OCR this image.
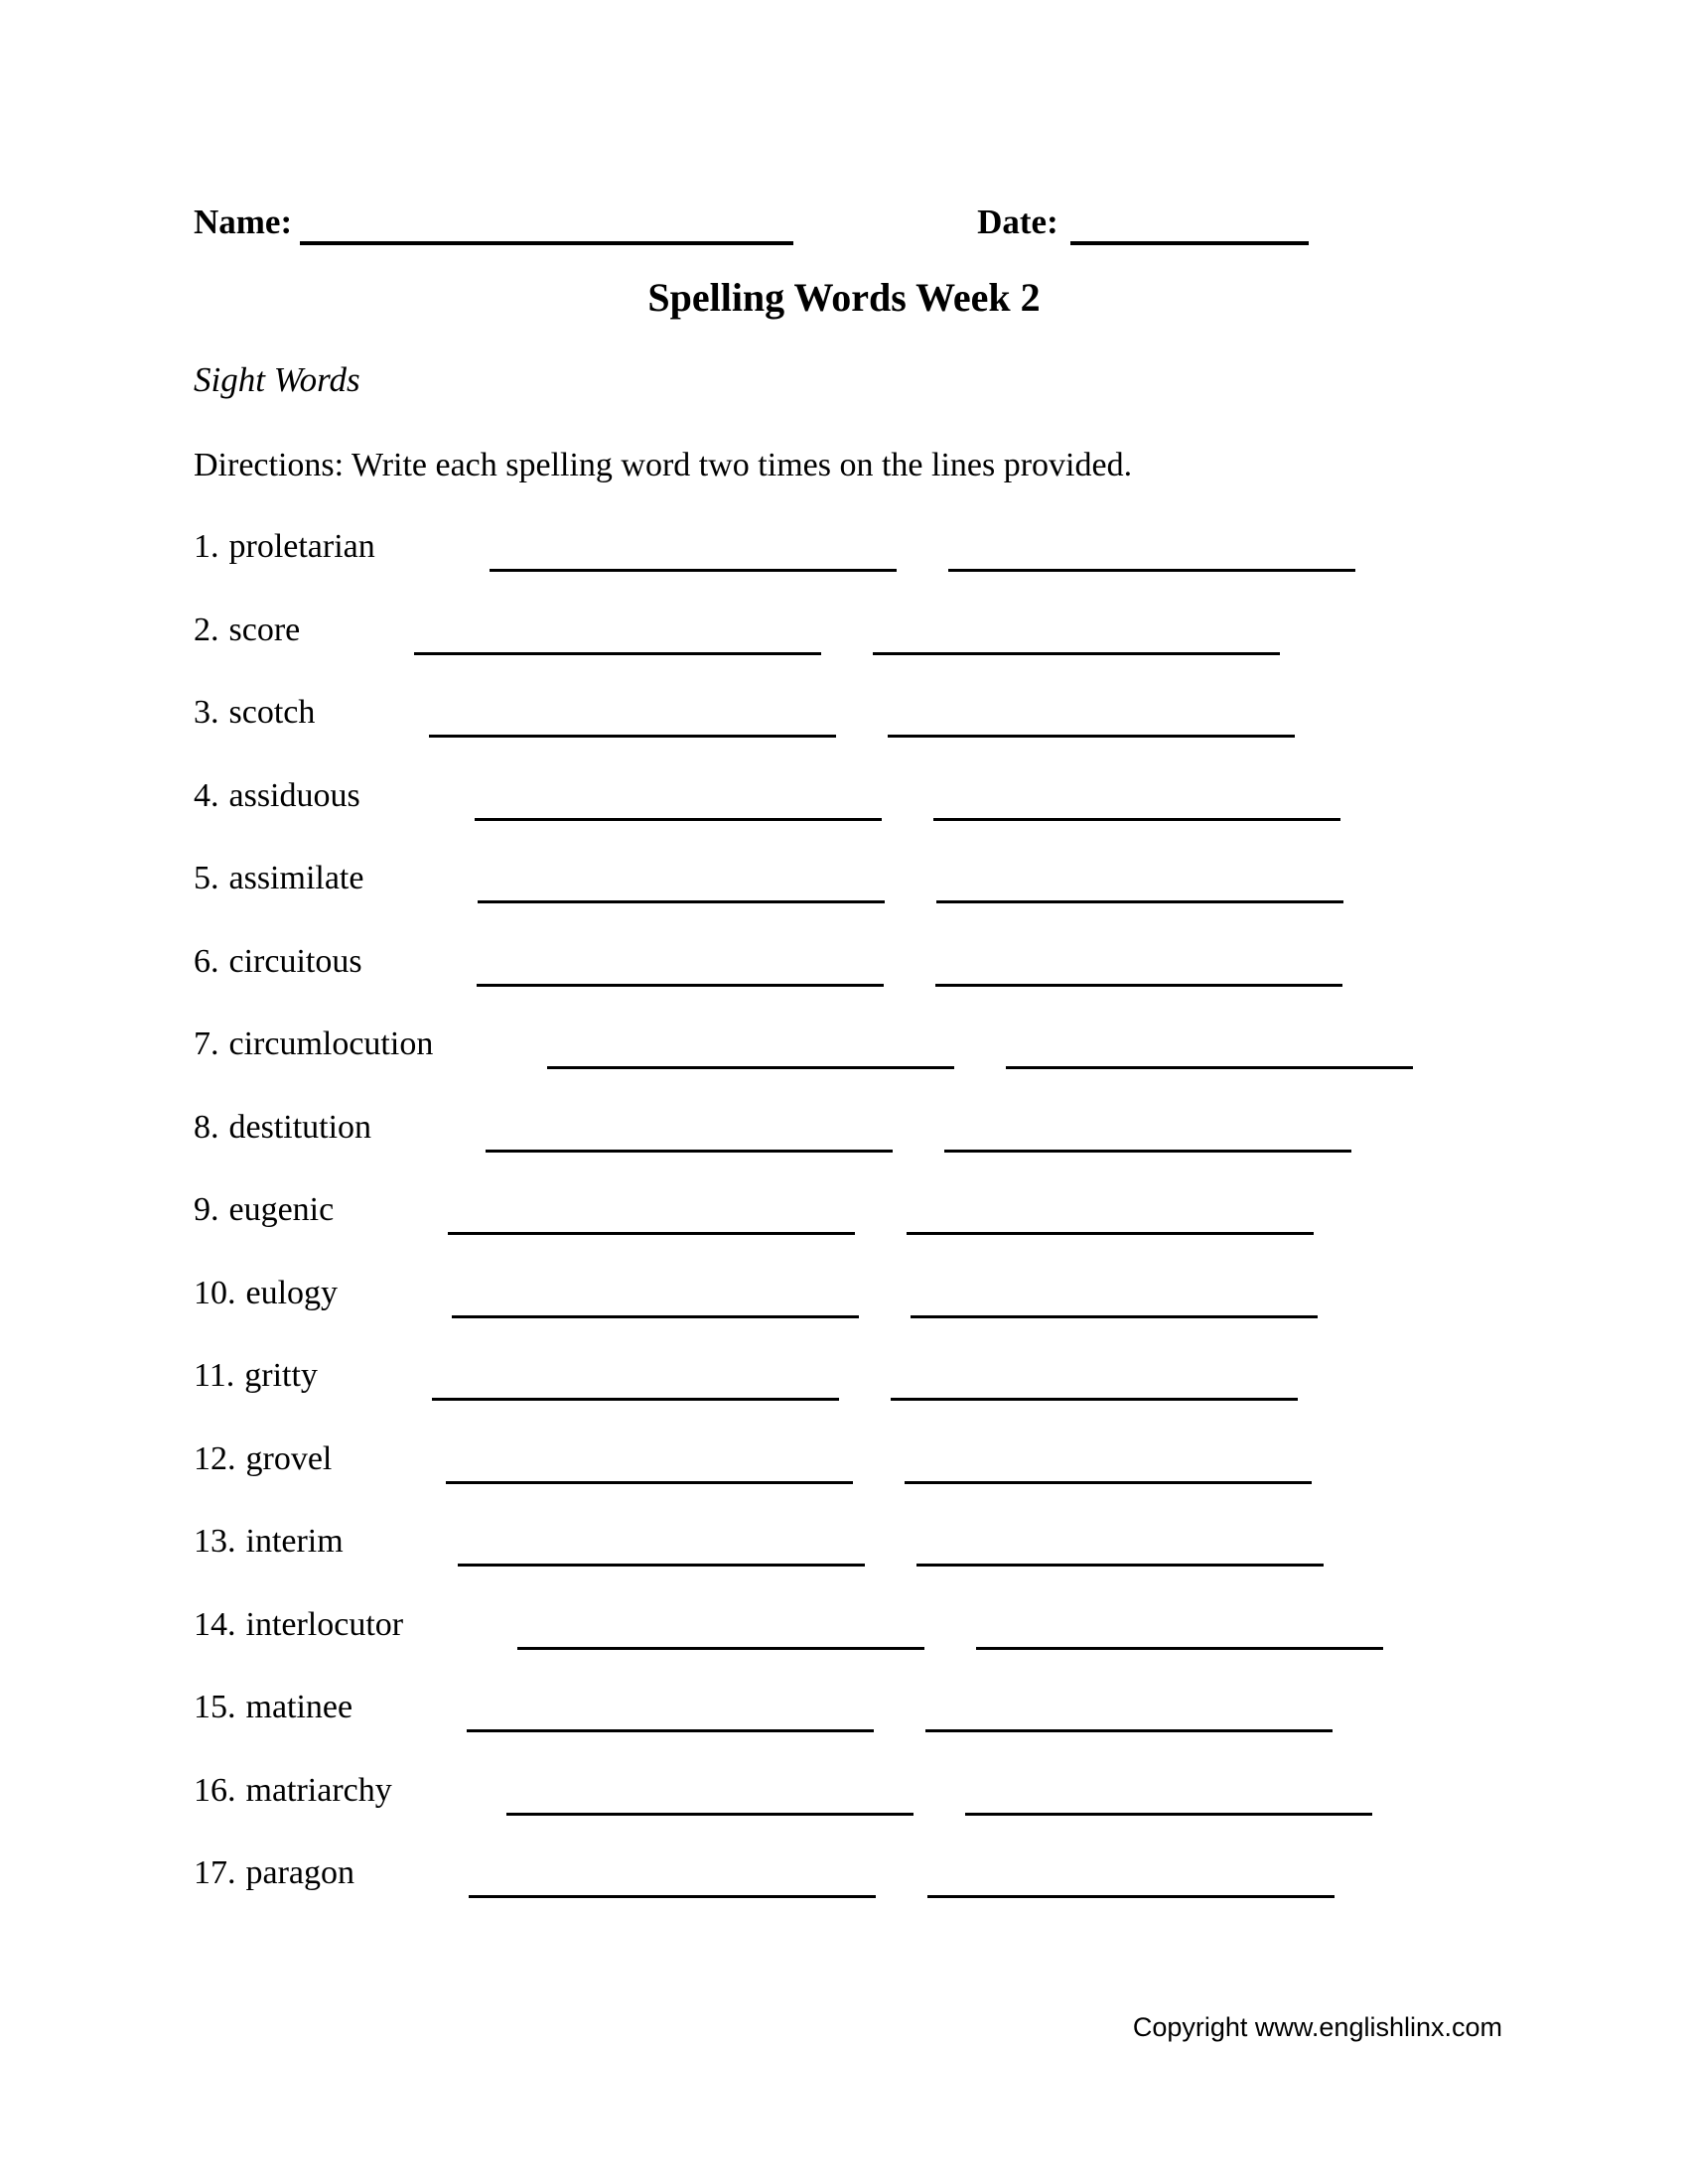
Name:	Date:
Spelling Words Week 2
Sight Words
Directions: Write each spelling word two times on the lines provided.
1. proletarian
2. score
3. scotch
4. assiduous
5. assimilate
6. circuitous
7. circumlocution
8. destitution
9. eugenic
10. eulogy
11. gritty
12. grovel
13. interim
14. interlocutor
15. matinee
16. matriarchy
17. paragon
Copyright www.englishlinx.com
